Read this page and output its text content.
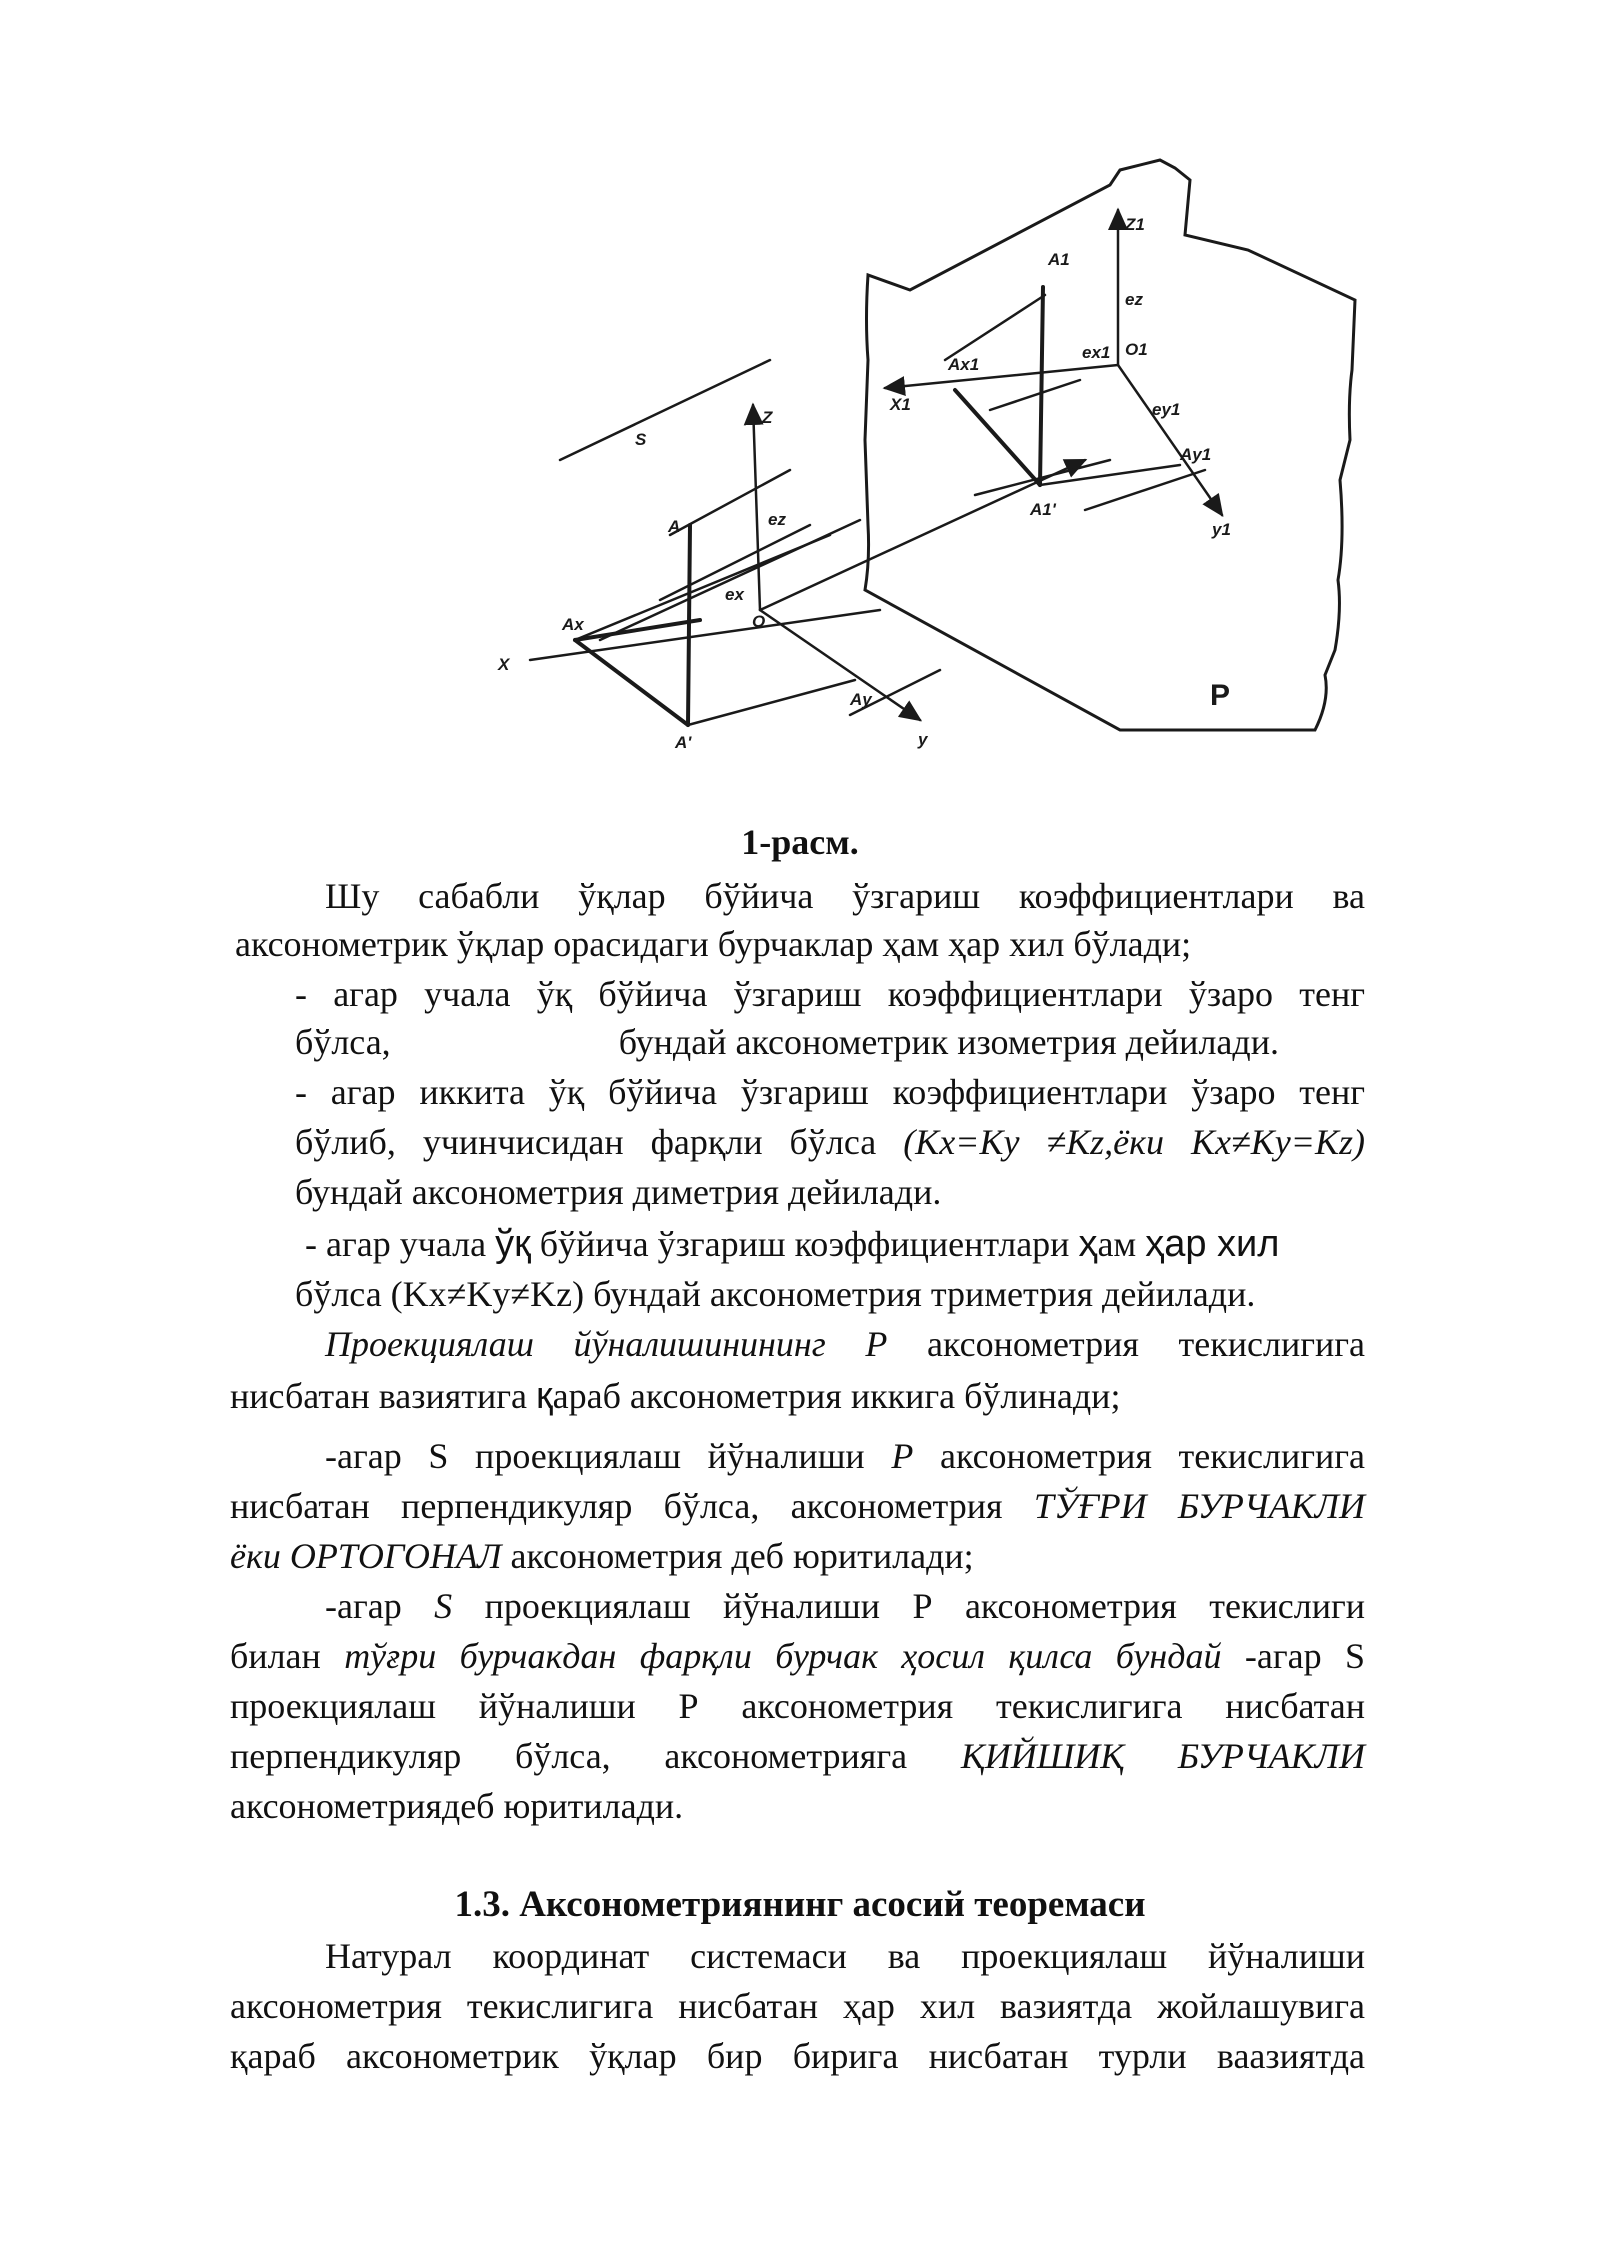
S
Z
ez
A
ex
O
Ax
X
A'
Ay
y
Z1
A1
ez
ex1 O1
Ax1
X1	ey1
Ay1
A1'
y1
P
1-расм.
Шу сабабли ўқлар бўйича ўзгариш коэффициентлари ва
аксонометрик ўқлар орасидаги бурчаклар ҳам ҳар хил бўлади;
- агар учала ўқ бўйича ўзгариш коэффициентлари ўзаро тенг
бўлса,	бундай аксонометрик изометрия дейилади.
- агар иккита ўқ бўйича ўзгариш коэффициентлари ўзаро тенг
бўлиб, учинчисидан фарқли бўлса (Kx=Ky ≠Kz,ёки Kx≠Ky=Kz)
бундай аксонометрия диметрия дейилади.
- агар учала ўқ бўйича ўзгариш коэффициентлари ҳам ҳар хил
бўлса (Kx≠Ky≠Kz) бундай аксонометрия триметрия дейилади.
Проекциялаш йўналишинининг P аксонометрия текислигига
нисбатан вазиятига қараб аксонометрия иккига бўлинади;
-агар S проекциялаш йўналиши P аксонометрия текислигига
нисбатан перпендикуляр бўлса, аксонометрия ТЎҒРИ БУРЧАКЛИ
ёки ОРТОГОНАЛ аксонометрия деб юритилади;
-агар S проекциялаш йўналиши Р аксонометрия текислиги
билан тўғри бурчакдан фарқли бурчак ҳосил қилса бундай -агар S
проекциялаш йўналиши Р аксонометрия текислигига нисбатан
перпендикуляр бўлса, аксонометрияга ҚИЙШИҚ БУРЧАКЛИ
аксонометриядеб юритилади.
1.3. Аксонометриянинг асосий теоремаси
Натурал координат системаси ва проекциялаш йўналиши
аксонометрия текислигига нисбатан ҳар хил вазиятда жойлашувига
қараб аксонометрик ўқлар бир бирига нисбатан турли ваазиятда
